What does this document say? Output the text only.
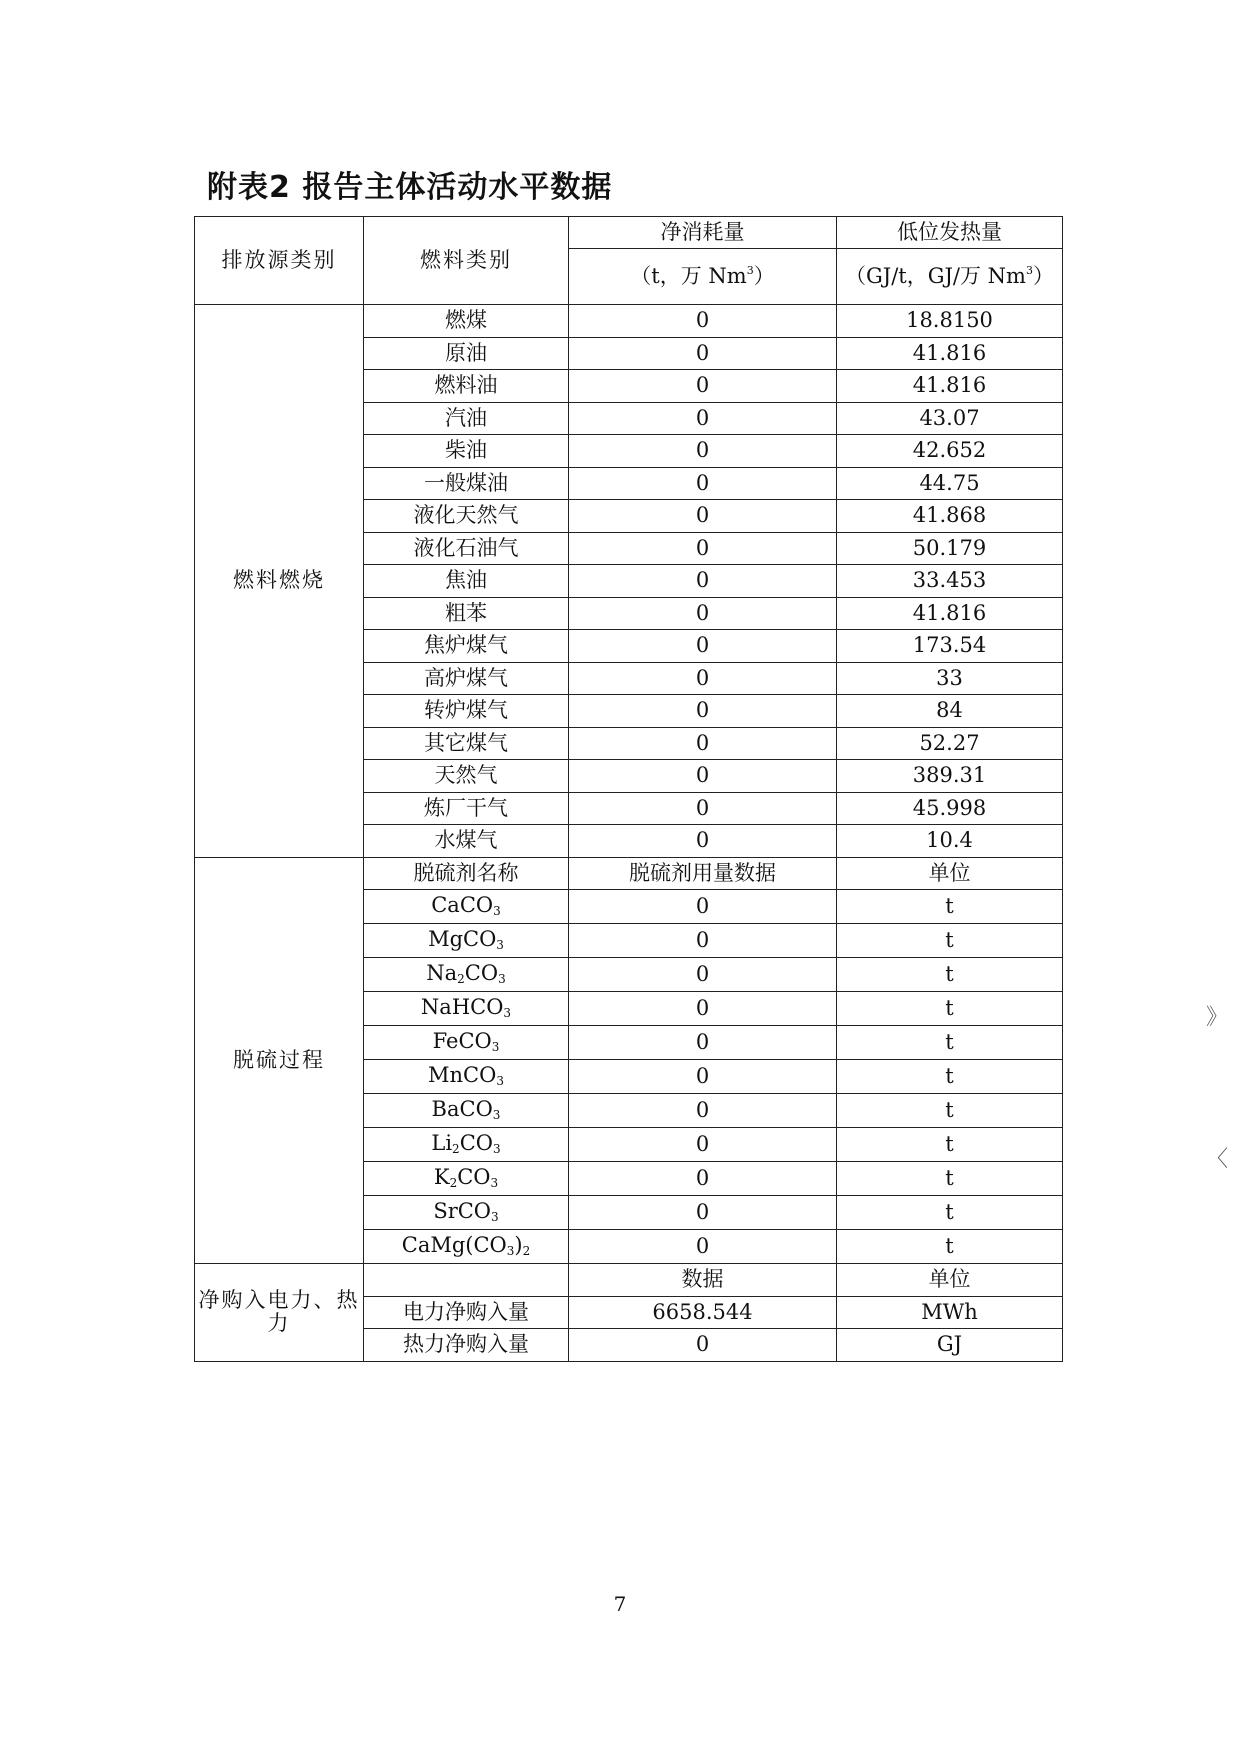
附表2 报告主体活动水平数据
排放源类别	燃料类别	净消耗量	低位发热量
		（t，万 Nm$^3$）	（GJ/t，GJ/万 Nm$^3$）
燃料燃烧	燃煤	0	18.8150
	原油	0	41.816
	燃料油	0	41.816
	汽油	0	43.07
	柴油	0	42.652
	一般煤油	0	44.75
	液化天然气	0	41.868
	液化石油气	0	50.179
	焦油	0	33.453
	粗苯	0	41.816
	焦炉煤气	0	173.54
	高炉煤气	0	33
	转炉煤气	0	84
	其它煤气	0	52.27
	天然气	0	389.31
	炼厂干气	0	45.998
	水煤气	0	10.4
脱硫过程	脱硫剂名称	脱硫剂用量数据	单位
	CaCO$_3$	0	t
	MgCO$_3$	0	t
	$Na_2CO_3$	0	t
	NaHCO$_3$	0	t
	FeCO$_3$	0	t
	MnCO$_3$	0	t
	BaCO$_3$	0	t
	$Li_2CO_3$	0	t
	$K_2CO_3$	0	t
	SrCO$_3$	0	t
	$CaMg(CO_3)_2$	0	t
净购入电力、热力		数据	单位
	电力净购入量	6658.544	MWh
	热力净购入量	0	GJ
》
〈

7
